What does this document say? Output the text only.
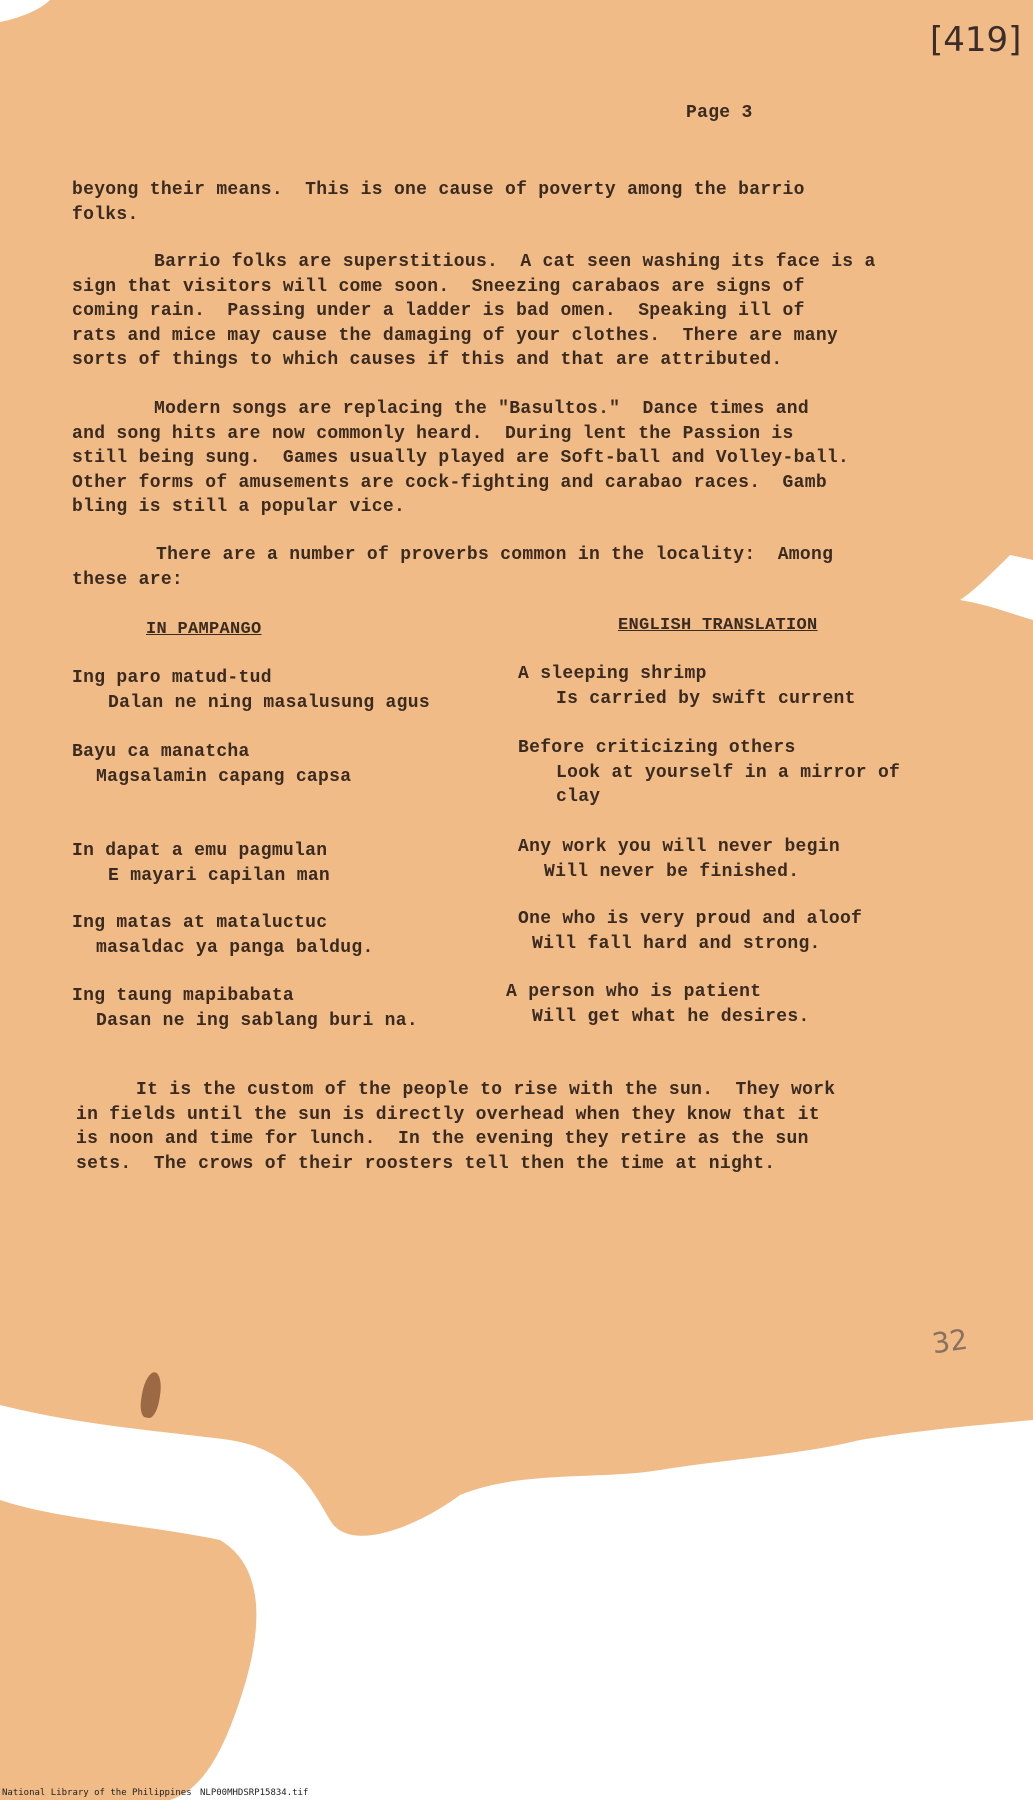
[419]
Page 3
beyong their means.  This is one cause of poverty among the barrio
folks.
Barrio folks are superstitious.  A cat seen washing its face is a
sign that visitors will come soon.  Sneezing carabaos are signs of
coming rain.  Passing under a ladder is bad omen.  Speaking ill of
rats and mice may cause the damaging of your clothes.  There are many
sorts of things to which causes if this and that are attributed.
Modern songs are replacing the "Basultos."  Dance times and
and song hits are now commonly heard.  During lent the Passion is
still being sung.  Games usually played are Soft-ball and Volley-ball.
Other forms of amusements are cock-fighting and carabao races.  Gamb
bling is still a popular vice.
There are a number of proverbs common in the locality:  Among
these are:
IN PAMPANGO	ENGLISH TRANSLATION
Ing paro matud-tud
Dalan ne ning masalusung agus
A sleeping shrimp
Is carried by swift current
Bayu ca manatcha
Magsalamin capang capsa
Before criticizing others
Look at yourself in a mirror of
clay
In dapat a emu pagmulan
E mayari capilan man
Any work you will never begin
Will never be finished.
Ing matas at mataluctuc
masaldac ya panga baldug.
One who is very proud and aloof
Will fall hard and strong.
Ing taung mapibabata
Dasan ne ing sablang buri na.
A person who is patient
Will get what he desires.
It is the custom of the people to rise with the sun.  They work
in fields until the sun is directly overhead when they know that it
is noon and time for lunch.  In the evening they retire as the sun
sets.  The crows of their roosters tell then the time at night.
32
National Library of the Philippines NLP00MHDSRP15834.tif
